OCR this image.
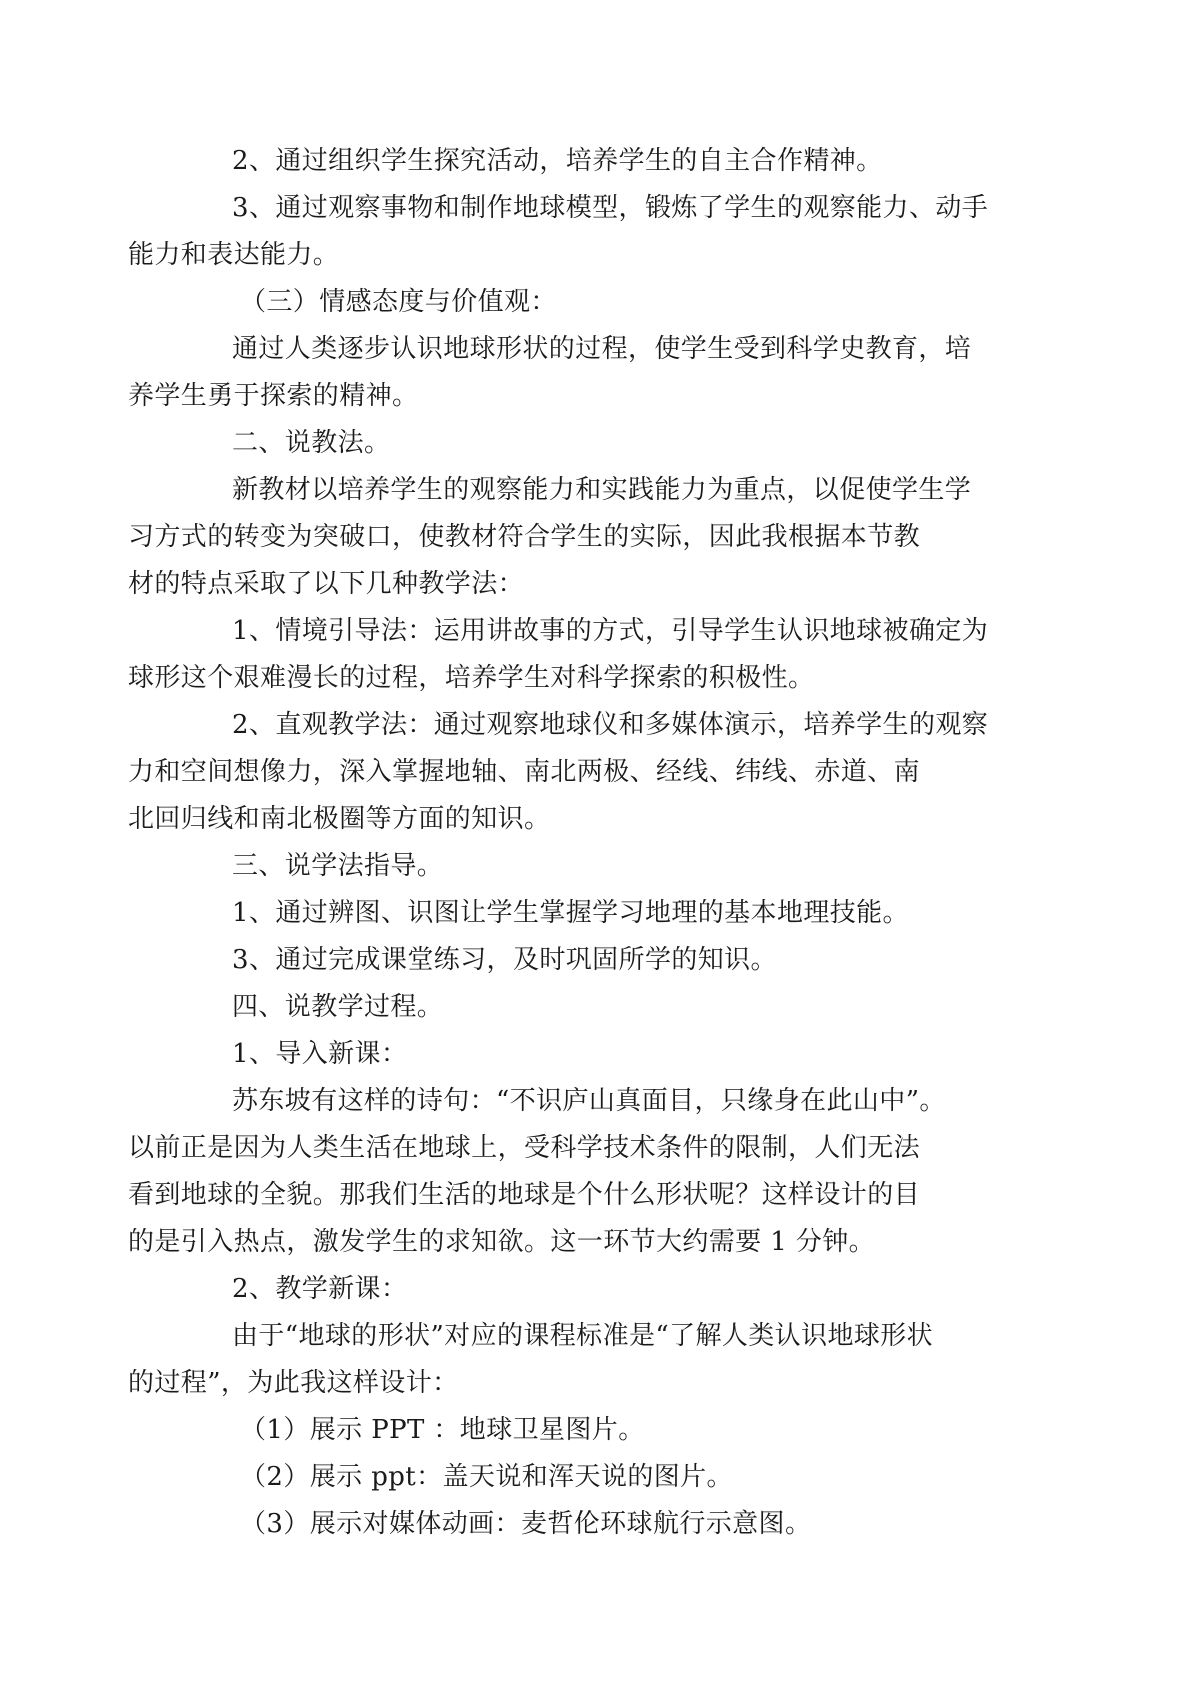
2、通过组织学生探究活动，培养学生的自主合作精神。

3、通过观察事物和制作地球模型，锻炼了学生的观察能力、动手
能力和表达能力。

（三）情感态度与价值观：

通过人类逐步认识地球形状的过程，使学生受到科学史教育，培
养学生勇于探索的精神。

二、说教法。

新教材以培养学生的观察能力和实践能力为重点，以促使学生学
习方式的转变为突破口，使教材符合学生的实际，因此我根据本节教
材的特点采取了以下几种教学法：

1、情境引导法：运用讲故事的方式，引导学生认识地球被确定为
球形这个艰难漫长的过程，培养学生对科学探索的积极性。

2、直观教学法：通过观察地球仪和多媒体演示，培养学生的观察
力和空间想像力，深入掌握地轴、南北两极、经线、纬线、赤道、南
北回归线和南北极圈等方面的知识。

三、说学法指导。

1、通过辨图、识图让学生掌握学习地理的基本地理技能。

3、通过完成课堂练习，及时巩固所学的知识。

四、说教学过程。

1、导入新课：

苏东坡有这样的诗句：“不识庐山真面目，只缘身在此山中”。
以前正是因为人类生活在地球上，受科学技术条件的限制，人们无法
看到地球的全貌。那我们生活的地球是个什么形状呢？这样设计的目
的是引入热点，激发学生的求知欲。这一环节大约需要 1 分钟。

2、教学新课：

由于“地球的形状”对应的课程标准是“了解人类认识地球形状
的过程”，为此我这样设计：

（1）展示 PPT ：地球卫星图片。

（2）展示 ppt：盖天说和浑天说的图片。

（3）展示对媒体动画：麦哲伦环球航行示意图。
